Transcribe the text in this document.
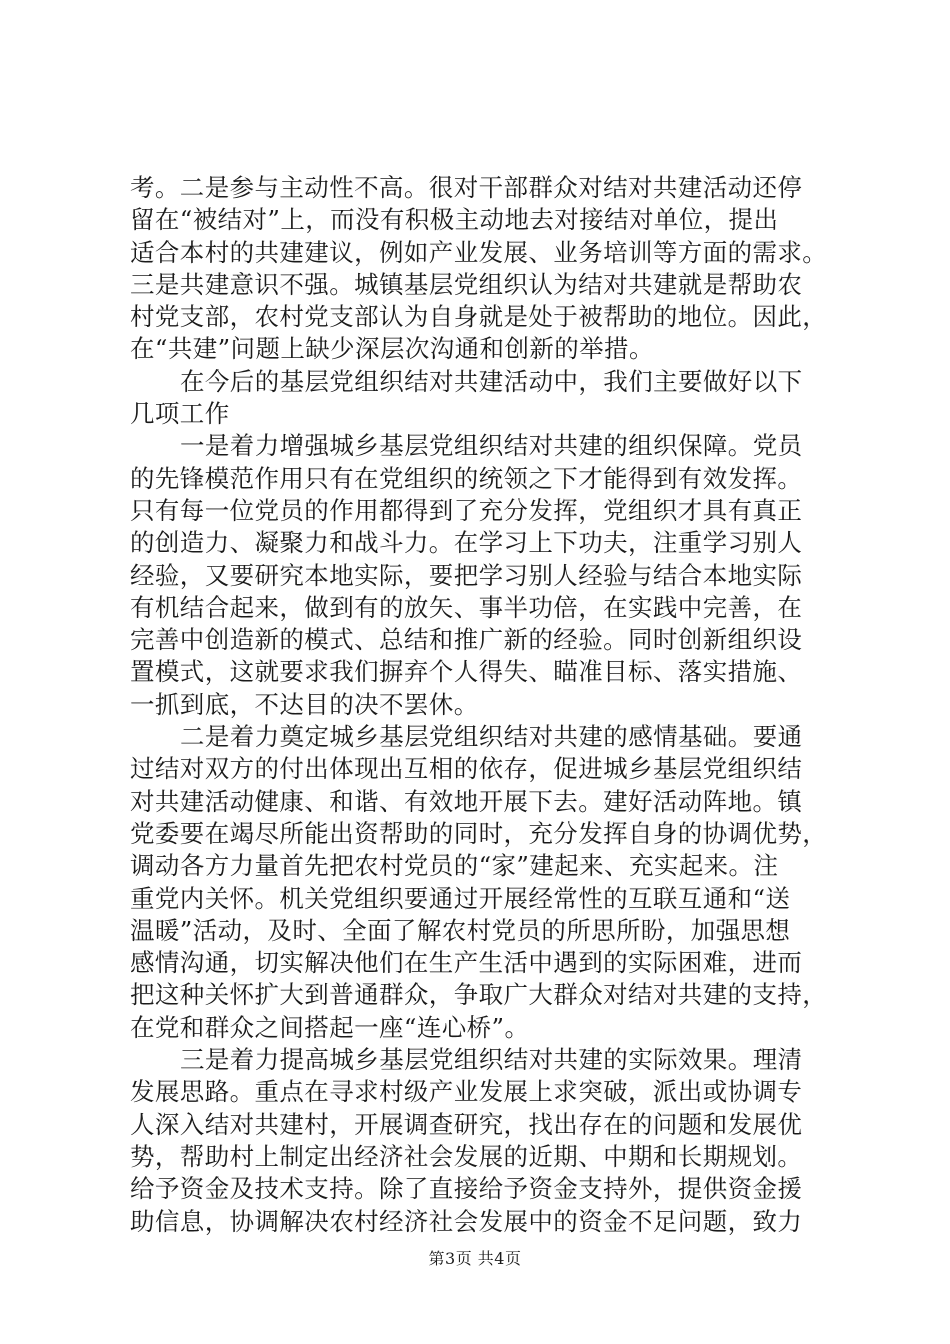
考。二是参与主动性不高。很对干部群众对结对共建活动还停
留在“被结对”上，而没有积极主动地去对接结对单位，提出
适合本村的共建建议，例如产业发展、业务培训等方面的需求。
三是共建意识不强。城镇基层党组织认为结对共建就是帮助农
村党支部，农村党支部认为自身就是处于被帮助的地位。因此，
在“共建”问题上缺少深层次沟通和创新的举措。
在今后的基层党组织结对共建活动中，我们主要做好以下
几项工作
一是着力增强城乡基层党组织结对共建的组织保障。党员
的先锋模范作用只有在党组织的统领之下才能得到有效发挥。
只有每一位党员的作用都得到了充分发挥，党组织才具有真正
的创造力、凝聚力和战斗力。在学习上下功夫，注重学习别人
经验，又要研究本地实际，要把学习别人经验与结合本地实际
有机结合起来，做到有的放矢、事半功倍，在实践中完善，在
完善中创造新的模式、总结和推广新的经验。同时创新组织设
置模式，这就要求我们摒弃个人得失、瞄准目标、落实措施、
一抓到底，不达目的决不罢休。
二是着力奠定城乡基层党组织结对共建的感情基础。要通
过结对双方的付出体现出互相的依存，促进城乡基层党组织结
对共建活动健康、和谐、有效地开展下去。建好活动阵地。镇
党委要在竭尽所能出资帮助的同时，充分发挥自身的协调优势，
调动各方力量首先把农村党员的“家”建起来、充实起来。注
重党内关怀。机关党组织要通过开展经常性的互联互通和“送
温暖”活动，及时、全面了解农村党员的所思所盼，加强思想
感情沟通，切实解决他们在生产生活中遇到的实际困难，进而
把这种关怀扩大到普通群众，争取广大群众对结对共建的支持，
在党和群众之间搭起一座“连心桥”。
三是着力提高城乡基层党组织结对共建的实际效果。理清
发展思路。重点在寻求村级产业发展上求突破，派出或协调专
人深入结对共建村，开展调查研究，找出存在的问题和发展优
势，帮助村上制定出经济社会发展的近期、中期和长期规划。
给予资金及技术支持。除了直接给予资金支持外，提供资金援
助信息，协调解决农村经济社会发展中的资金不足问题，致力
第3页 共4页
